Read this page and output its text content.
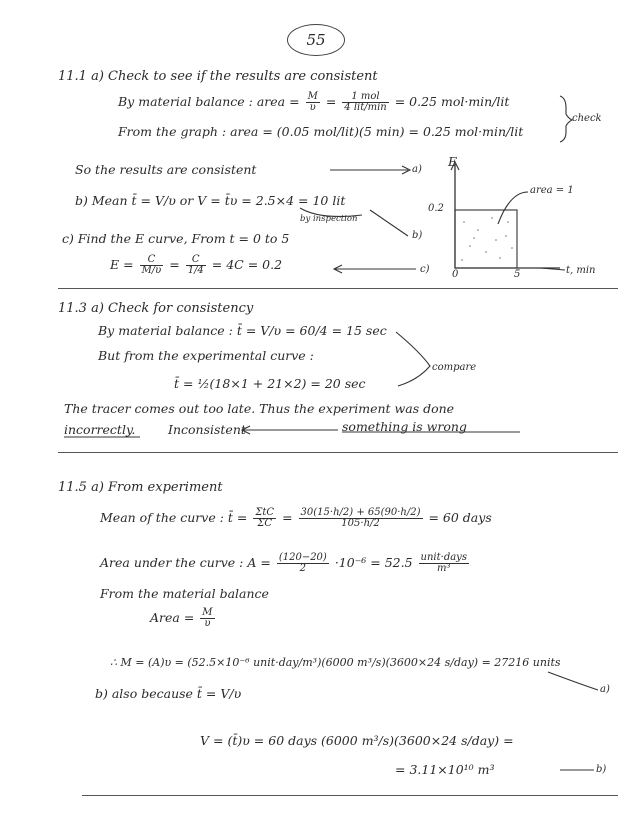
55
11.1 a) Check to see if the results are consistent
By material balance : area = $\frac{M}{\upsilon} = \frac{\text{1 mol}}{\text{4 lit/min}} = 0.25$ mol·min/lit
From the graph : area = (0.05 mol/lit)(5 min) = 0.25 mol·min/lit
check
So the results are consistent	a)
b) Mean t̄ = V/υ or V = t̄υ = 2.5×4 = 10 lit
by inspection
b)
c) Find the E curve, From t = 0 to 5
$E = \frac{C}{M/\upsilon} = \frac{C}{1/4} = 4C = 0.2$	c)
E
area = 1
0.2
0	5	t, min
11.3 a) Check for consistency
By material balance : t̄ = V/υ = 60/4 = 15 sec
But from the experimental curve :
compare
t̄ = ½(18×1 + 21×2) = 20 sec
The tracer comes out too late. Thus the experiment was done
incorrectly.	Inconsistent	something is wrong
11.5 a) From experiment
Mean of the curve : t̄ = $\frac{\text{ΣtC}}{\Sigma C} = \frac{30(15\cdot h/2) + 65(90\cdot h/2)}{105\cdot h/2} = 60$ days
Area under the curve : $A = \frac{(120-20)}{2} \cdot 10^{-6} = 52.5 \frac{\text{unit·days}}{\text{m³}}$
From the material balance
Area = $\frac{M}{\upsilon}$
∴ M = (A)υ = (52.5×10⁻⁶ unit·day/m³)(6000 m³/s)(3600×24 s/day) = 27216 units
a)
b) also because t̄ = V/υ
V = (t̄)υ = 60 days (6000 m³/s)(3600×24 s/day) =
= 3.11×10¹⁰ m³	b)
